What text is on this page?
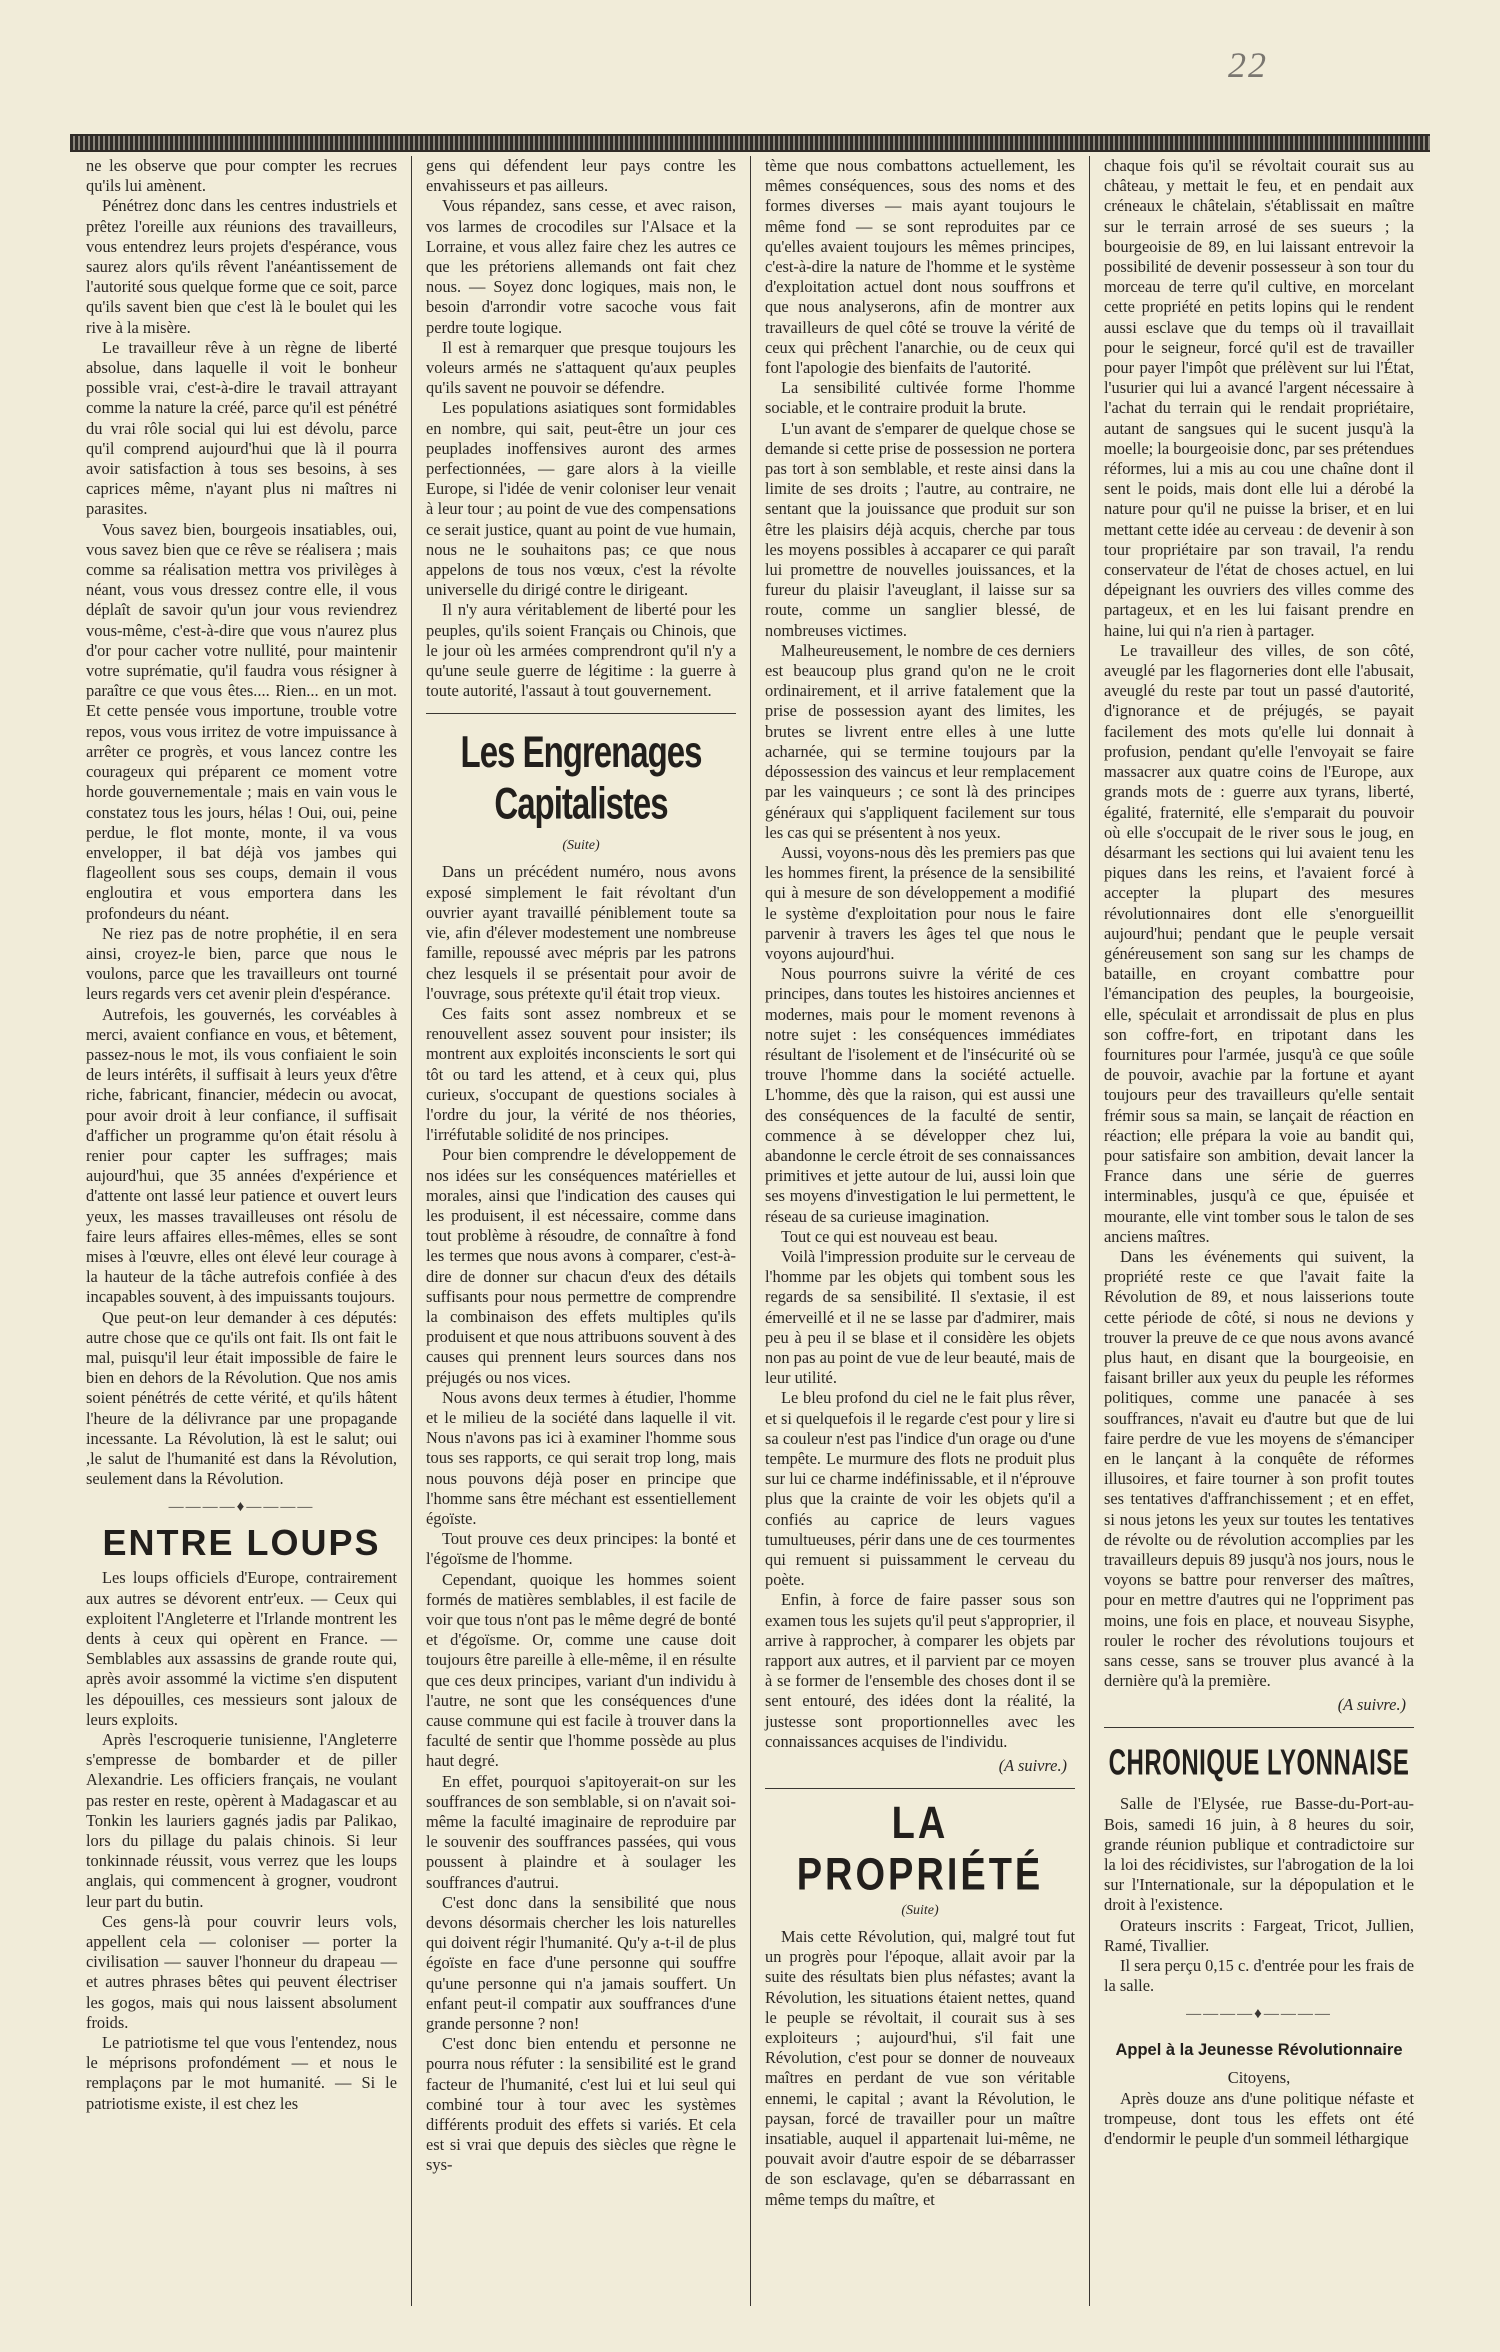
22

ne les observe que pour compter les recrues qu'ils lui amènent.

Pénétrez donc dans les centres industriels et prêtez l'oreille aux réunions des travailleurs, vous entendrez leurs projets d'espérance, vous saurez alors qu'ils rêvent l'anéantissement de l'autorité sous quelque forme que ce soit, parce qu'ils savent bien que c'est là le boulet qui les rive à la misère.

Le travailleur rêve à un règne de liberté absolue, dans laquelle il voit le bonheur possible vrai, c'est-à-dire le travail attrayant comme la nature la créé, parce qu'il est pénétré du vrai rôle social qui lui est dévolu, parce qu'il comprend aujourd'hui que là il pourra avoir satisfaction à tous ses besoins, à ses caprices même, n'ayant plus ni maîtres ni parasites.

Vous savez bien, bourgeois insatiables, oui, vous savez bien que ce rêve se réalisera ; mais comme sa réalisation mettra vos privilèges à néant, vous vous dressez contre elle, il vous déplaît de savoir qu'un jour vous reviendrez vous-même, c'est-à-dire que vous n'aurez plus d'or pour cacher votre nullité, pour maintenir votre suprématie, qu'il faudra vous résigner à paraître ce que vous êtes.... Rien... en un mot. Et cette pensée vous importune, trouble votre repos, vous vous irritez de votre impuissance à arrêter ce progrès, et vous lancez contre les courageux qui préparent ce moment votre horde gouvernementale ; mais en vain vous le constatez tous les jours, hélas ! Oui, oui, peine perdue, le flot monte, monte, il va vous envelopper, il bat déjà vos jambes qui flageollent sous ses coups, demain il vous engloutira et vous emportera dans les profondeurs du néant.

Ne riez pas de notre prophétie, il en sera ainsi, croyez-le bien, parce que nous le voulons, parce que les travailleurs ont tourné leurs regards vers cet avenir plein d'espérance.

Autrefois, les gouvernés, les corvéables à merci, avaient confiance en vous, et bêtement, passez-nous le mot, ils vous confiaient le soin de leurs intérêts, il suffisait à leurs yeux d'être riche, fabricant, financier, médecin ou avocat, pour avoir droit à leur confiance, il suffisait d'afficher un programme qu'on était résolu à renier pour capter les suffrages; mais aujourd'hui, que 35 années d'expérience et d'attente ont lassé leur patience et ouvert leurs yeux, les masses travailleuses ont résolu de faire leurs affaires elles-mêmes, elles se sont mises à l'œuvre, elles ont élevé leur courage à la hauteur de la tâche autrefois confiée à des incapables souvent, à des impuissants toujours.

Que peut-on leur demander à ces députés: autre chose que ce qu'ils ont fait. Ils ont fait le mal, puisqu'il leur était impossible de faire le bien en dehors de la Révolution. Que nos amis soient pénétrés de cette vérité, et qu'ils hâtent l'heure de la délivrance par une propagande incessante. La Révolution, là est le salut; oui ,le salut de l'humanité est dans la Révolution, seulement dans la Révolution.

————♦————
ENTRE LOUPS

Les loups officiels d'Europe, contrairement aux autres se dévorent entr'eux. — Ceux qui exploitent l'Angleterre et l'Irlande montrent les dents à ceux qui opèrent en France. — Semblables aux assassins de grande route qui, après avoir assommé la victime s'en disputent les dépouilles, ces messieurs sont jaloux de leurs exploits.

Après l'escroquerie tunisienne, l'Angleterre s'empresse de bombarder et de piller Alexandrie. Les officiers français, ne voulant pas rester en reste, opèrent à Madagascar et au Tonkin les lauriers gagnés jadis par Palikao, lors du pillage du palais chinois. Si leur tonkinnade réussit, vous verrez que les loups anglais, qui commencent à grogner, voudront leur part du butin.

Ces gens-là pour couvrir leurs vols, appellent cela — coloniser — porter la civilisation — sauver l'honneur du drapeau — et autres phrases bêtes qui peuvent électriser les gogos, mais qui nous laissent absolument froids.

Le patriotisme tel que vous l'entendez, nous le méprisons profondément — et nous le remplaçons par le mot humanité. — Si le patriotisme existe, il est chez les

gens qui défendent leur pays contre les envahisseurs et pas ailleurs.

Vous répandez, sans cesse, et avec raison, vos larmes de crocodiles sur l'Alsace et la Lorraine, et vous allez faire chez les autres ce que les prétoriens allemands ont fait chez nous. — Soyez donc logiques, mais non, le besoin d'arrondir votre sacoche vous fait perdre toute logique.

Il est à remarquer que presque toujours les voleurs armés ne s'attaquent qu'aux peuples qu'ils savent ne pouvoir se défendre.

Les populations asiatiques sont formidables en nombre, qui sait, peut-être un jour ces peuplades inoffensives auront des armes perfectionnées, — gare alors à la vieille Europe, si l'idée de venir coloniser leur venait à leur tour ; au point de vue des compensations ce serait justice, quant au point de vue humain, nous ne le souhaitons pas; ce que nous appelons de tous nos vœux, c'est la révolte universelle du dirigé contre le dirigeant.

Il n'y aura véritablement de liberté pour les peuples, qu'ils soient Français ou Chinois, que le jour où les armées comprendront qu'il n'y a qu'une seule guerre de légitime : la guerre à toute autorité, l'assaut à tout gouvernement.

Les Engrenages Capitalistes
(Suite)

Dans un précédent numéro, nous avons exposé simplement le fait révoltant d'un ouvrier ayant travaillé péniblement toute sa vie, afin d'élever modestement une nombreuse famille, repoussé avec mépris par les patrons chez lesquels il se présentait pour avoir de l'ouvrage, sous prétexte qu'il était trop vieux.

Ces faits sont assez nombreux et se renouvellent assez souvent pour insister; ils montrent aux exploités inconscients le sort qui tôt ou tard les attend, et à ceux qui, plus curieux, s'occupant de questions sociales à l'ordre du jour, la vérité de nos théories, l'irréfutable solidité de nos principes.

Pour bien comprendre le développement de nos idées sur les conséquences matérielles et morales, ainsi que l'indication des causes qui les produisent, il est nécessaire, comme dans tout problème à résoudre, de connaître à fond les termes que nous avons à comparer, c'est-à-dire de donner sur chacun d'eux des détails suffisants pour nous permettre de comprendre la combinaison des effets multiples qu'ils produisent et que nous attribuons souvent à des causes qui prennent leurs sources dans nos préjugés ou nos vices.

Nous avons deux termes à étudier, l'homme et le milieu de la société dans laquelle il vit. Nous n'avons pas ici à examiner l'homme sous tous ses rapports, ce qui serait trop long, mais nous pouvons déjà poser en principe que l'homme sans être méchant est essentiellement égoïste.

Tout prouve ces deux principes: la bonté et l'égoïsme de l'homme.

Cependant, quoique les hommes soient formés de matières semblables, il est facile de voir que tous n'ont pas le même degré de bonté et d'égoïsme. Or, comme une cause doit toujours être pareille à elle-même, il en résulte que ces deux principes, variant d'un individu à l'autre, ne sont que les conséquences d'une cause commune qui est facile à trouver dans la faculté de sentir que l'homme possède au plus haut degré.

En effet, pourquoi s'apitoyerait-on sur les souffrances de son semblable, si on n'avait soi-même la faculté imaginaire de reproduire par le souvenir des souffrances passées, qui vous poussent à plaindre et à soulager les souffrances d'autrui.

C'est donc dans la sensibilité que nous devons désormais chercher les lois naturelles qui doivent régir l'humanité. Qu'y a-t-il de plus égoïste en face d'une personne qui souffre qu'une personne qui n'a jamais souffert. Un enfant peut-il compatir aux souffrances d'une grande personne ? non!

C'est donc bien entendu et personne ne pourra nous réfuter : la sensibilité est le grand facteur de l'humanité, c'est lui et lui seul qui combiné tour à tour avec les systèmes différents produit des effets si variés. Et cela est si vrai que depuis des siècles que règne le sys-

tème que nous combattons actuellement, les mêmes conséquences, sous des noms et des formes diverses — mais ayant toujours le même fond — se sont reproduites par ce qu'elles avaient toujours les mêmes principes, c'est-à-dire la nature de l'homme et le système d'exploitation actuel dont nous souffrons et que nous analyserons, afin de montrer aux travailleurs de quel côté se trouve la vérité de ceux qui prêchent l'anarchie, ou de ceux qui font l'apologie des bienfaits de l'autorité.

La sensibilité cultivée forme l'homme sociable, et le contraire produit la brute.

L'un avant de s'emparer de quelque chose se demande si cette prise de possession ne portera pas tort à son semblable, et reste ainsi dans la limite de ses droits ; l'autre, au contraire, ne sentant que la jouissance que produit sur son être les plaisirs déjà acquis, cherche par tous les moyens possibles à accaparer ce qui paraît lui promettre de nouvelles jouissances, et la fureur du plaisir l'aveuglant, il laisse sur sa route, comme un sanglier blessé, de nombreuses victimes.

Malheureusement, le nombre de ces derniers est beaucoup plus grand qu'on ne le croit ordinairement, et il arrive fatalement que la prise de possession ayant des limites, les brutes se livrent entre elles à une lutte acharnée, qui se termine toujours par la dépossession des vaincus et leur remplacement par les vainqueurs ; ce sont là des principes généraux qui s'appliquent facilement sur tous les cas qui se présentent à nos yeux.

Aussi, voyons-nous dès les premiers pas que les hommes firent, la présence de la sensibilité qui à mesure de son développement a modifié le système d'exploitation pour nous le faire parvenir à travers les âges tel que nous le voyons aujourd'hui.

Nous pourrons suivre la vérité de ces principes, dans toutes les histoires anciennes et modernes, mais pour le moment revenons à notre sujet : les conséquences immédiates résultant de l'isolement et de l'insécurité où se trouve l'homme dans la société actuelle. L'homme, dès que la raison, qui est aussi une des conséquences de la faculté de sentir, commence à se développer chez lui, abandonne le cercle étroit de ses connaissances primitives et jette autour de lui, aussi loin que ses moyens d'investigation le lui permettent, le réseau de sa curieuse imagination.

Tout ce qui est nouveau est beau.

Voilà l'impression produite sur le cerveau de l'homme par les objets qui tombent sous les regards de sa sensibilité. Il s'extasie, il est émerveillé et il ne se lasse par d'admirer, mais peu à peu il se blase et il considère les objets non pas au point de vue de leur beauté, mais de leur utilité.

Le bleu profond du ciel ne le fait plus rêver, et si quelquefois il le regarde c'est pour y lire si sa couleur n'est pas l'indice d'un orage ou d'une tempête. Le murmure des flots ne produit plus sur lui ce charme indéfinissable, et il n'éprouve plus que la crainte de voir les objets qu'il a confiés au caprice de leurs vagues tumultueuses, périr dans une de ces tourmentes qui remuent si puissamment le cerveau du poète.

Enfin, à force de faire passer sous son examen tous les sujets qu'il peut s'approprier, il arrive à rapprocher, à comparer les objets par rapport aux autres, et il parvient par ce moyen à se former de l'ensemble des choses dont il se sent entouré, des idées dont la réalité, la justesse sont proportionnelles avec les connaissances acquises de l'individu.

(A suivre.)
LA PROPRIÉTÉ
(Suite)

Mais cette Révolution, qui, malgré tout fut un progrès pour l'époque, allait avoir par la suite des résultats bien plus néfastes; avant la Révolution, les situations étaient nettes, quand le peuple se révoltait, il courait sus à ses exploiteurs ; aujourd'hui, s'il fait une Révolution, c'est pour se donner de nouveaux maîtres en perdant de vue son véritable ennemi, le capital ; avant la Révolution, le paysan, forcé de travailler pour un maître insatiable, auquel il appartenait lui-même, ne pouvait avoir d'autre espoir de se débarrasser de son esclavage, qu'en se débarrassant en même temps du maître, et

chaque fois qu'il se révoltait courait sus au château, y mettait le feu, et en pendait aux créneaux le châtelain, s'établissait en maître sur le terrain arrosé de ses sueurs ; la bourgeoisie de 89, en lui laissant entrevoir la possibilité de devenir possesseur à son tour du morceau de terre qu'il cultive, en morcelant cette propriété en petits lopins qui le rendent aussi esclave que du temps où il travaillait pour le seigneur, forcé qu'il est de travailler pour payer l'impôt que prélèvent sur lui l'État, l'usurier qui lui a avancé l'argent nécessaire à l'achat du terrain qui le rendait propriétaire, autant de sangsues qui le sucent jusqu'à la moelle; la bourgeoisie donc, par ses prétendues réformes, lui a mis au cou une chaîne dont il sent le poids, mais dont elle lui a dérobé la nature pour qu'il ne puisse la briser, et en lui mettant cette idée au cerveau : de devenir à son tour propriétaire par son travail, l'a rendu conservateur de l'état de choses actuel, en lui dépeignant les ouvriers des villes comme des partageux, et en les lui faisant prendre en haine, lui qui n'a rien à partager.

Le travailleur des villes, de son côté, aveuglé par les flagorneries dont elle l'abusait, aveuglé du reste par tout un passé d'autorité, d'ignorance et de préjugés, se payait facilement des mots qu'elle lui donnait à profusion, pendant qu'elle l'envoyait se faire massacrer aux quatre coins de l'Europe, aux grands mots de : guerre aux tyrans, liberté, égalité, fraternité, elle s'emparait du pouvoir où elle s'occupait de le river sous le joug, en désarmant les sections qui lui avaient tenu les piques dans les reins, et l'avaient forcé à accepter la plupart des mesures révolutionnaires dont elle s'enorgueillit aujourd'hui; pendant que le peuple versait généreusement son sang sur les champs de bataille, en croyant combattre pour l'émancipation des peuples, la bourgeoisie, elle, spéculait et arrondissait de plus en plus son coffre-fort, en tripotant dans les fournitures pour l'armée, jusqu'à ce que soûle de pouvoir, avachie par la fortune et ayant toujours peur des travailleurs qu'elle sentait frémir sous sa main, se lançait de réaction en réaction; elle prépara la voie au bandit qui, pour satisfaire son ambition, devait lancer la France dans une série de guerres interminables, jusqu'à ce que, épuisée et mourante, elle vint tomber sous le talon de ses anciens maîtres.

Dans les événements qui suivent, la propriété reste ce que l'avait faite la Révolution de 89, et nous laisserions toute cette période de côté, si nous ne devions y trouver la preuve de ce que nous avons avancé plus haut, en disant que la bourgeoisie, en faisant briller aux yeux du peuple les réformes politiques, comme une panacée à ses souffrances, n'avait eu d'autre but que de lui faire perdre de vue les moyens de s'émanciper en le lançant à la conquête de réformes illusoires, et faire tourner à son profit toutes ses tentatives d'affranchissement ; et en effet, si nous jetons les yeux sur toutes les tentatives de révolte ou de révolution accomplies par les travailleurs depuis 89 jusqu'à nos jours, nous le voyons se battre pour renverser des maîtres, pour en mettre d'autres qui ne l'oppriment pas moins, une fois en place, et nouveau Sisyphe, rouler le rocher des révolutions toujours et sans cesse, sans se trouver plus avancé à la dernière qu'à la première.

(A suivre.)
CHRONIQUE LYONNAISE

Salle de l'Elysée, rue Basse-du-Port-au-Bois, samedi 16 juin, à 8 heures du soir, grande réunion publique et contradictoire sur la loi des récidivistes, sur l'abrogation de la loi sur l'Internationale, sur la dépopulation et le droit à l'existence.

Orateurs inscrits : Fargeat, Tricot, Jullien, Ramé, Tivallier.

Il sera perçu 0,15 c. d'entrée pour les frais de la salle.

————♦————
Appel à la Jeunesse Révolutionnaire

Citoyens,

Après douze ans d'une politique néfaste et trompeuse, dont tous les effets ont été d'endormir le peuple d'un sommeil léthargique
